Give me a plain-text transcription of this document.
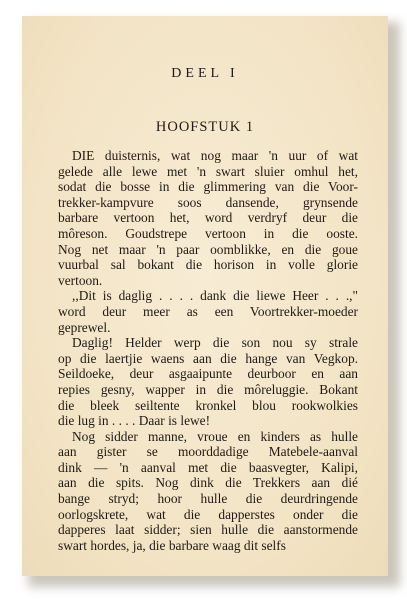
DEEL I
HOOFSTUK 1
DIE duisternis, wat nog maar 'n uur of wat
gelede alle lewe met 'n swart sluier omhul het,
sodat die bosse in die glimmering van die Voor-
trekker-kampvure soos dansende, grynsende
barbare vertoon het, word verdryf deur die
môreson. Goudstrepe vertoon in die ooste.
Nog net maar 'n paar oomblikke, en die goue
vuurbal sal bokant die horison in volle glorie
vertoon.
,,Dit is daglig . . . . dank die liewe Heer . . .,"
word deur meer as een Voortrekker-moeder
geprewel.
Daglig! Helder werp die son nou sy strale
op die laertjie waens aan die hange van Vegkop.
Seildoeke, deur asgaaipunte deurboor en aan
repies gesny, wapper in die môreluggie. Bokant
die bleek seiltente kronkel blou rookwolkies
die lug in . . . . Daar is lewe!
Nog sidder manne, vroue en kinders as hulle
aan gister se moorddadige Matebele-aanval
dink — 'n aanval met die baasvegter, Kalipi,
aan die spits. Nog dink die Trekkers aan dié
bange stryd; hoor hulle die deurdringende
oorlogskrete, wat die dapperstes onder die
dapperes laat sidder; sien hulle die aanstormende
swart hordes, ja, die barbare waag dit selfs
